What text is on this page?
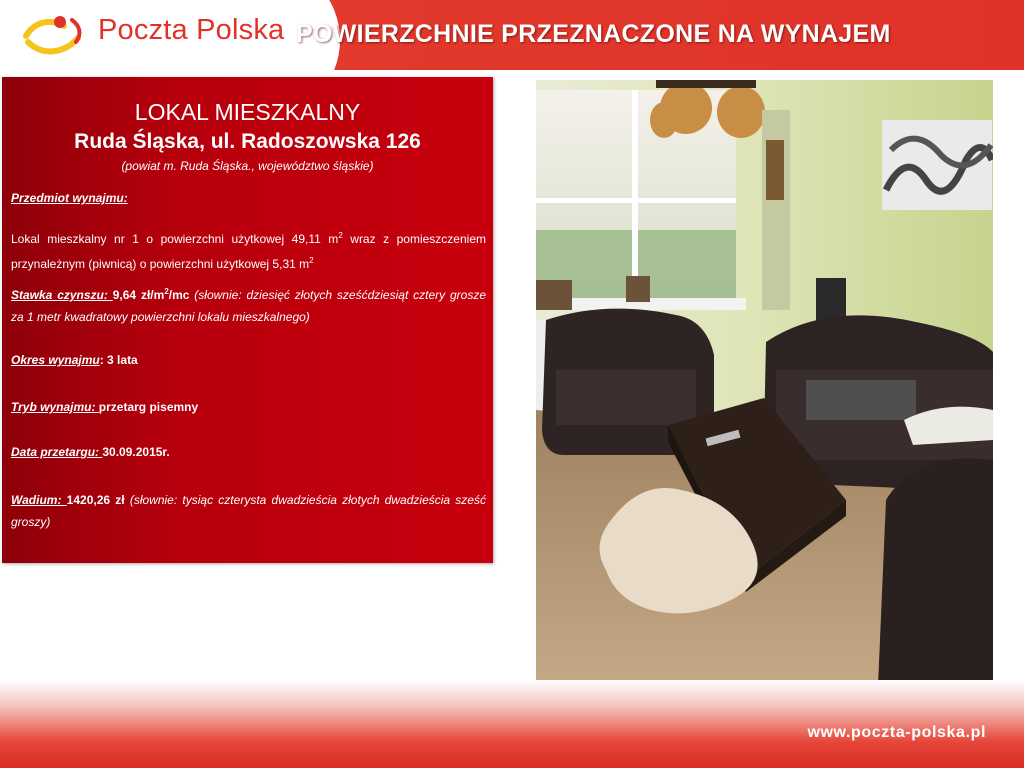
Poczta Polska POWIERZCHNIE PRZEZNACZONE NA WYNAJEM
LOKAL MIESZKALNY
Ruda Śląska, ul. Radoszowska 126
(powiat m. Ruda Śląska., województwo śląskie)
Przedmiot wynajmu:
Lokal mieszkalny nr 1 o powierzchni użytkowej 49,11 $m^2$ wraz z pomieszczeniem przynależnym (piwnicą) o powierzchni użytkowej 5,31 $m^2$
Stawka czynszu: 9,64 $zł/m^2/mc$ (słownie: dziesięć złotych sześćdziesiąt cztery grosze za 1 metr kwadratowy powierzchni lokalu mieszkalnego)
Okres wynajmu: 3 lata
Tryb wynajmu: przetarg pisemny
Data przetargu: 30.09.2015r.
Wadium: 1420,26 zł (słownie: tysiąc czterysta dwadzieścia złotych dwadzieścia sześć groszy)
www.poczta-polska.pl
